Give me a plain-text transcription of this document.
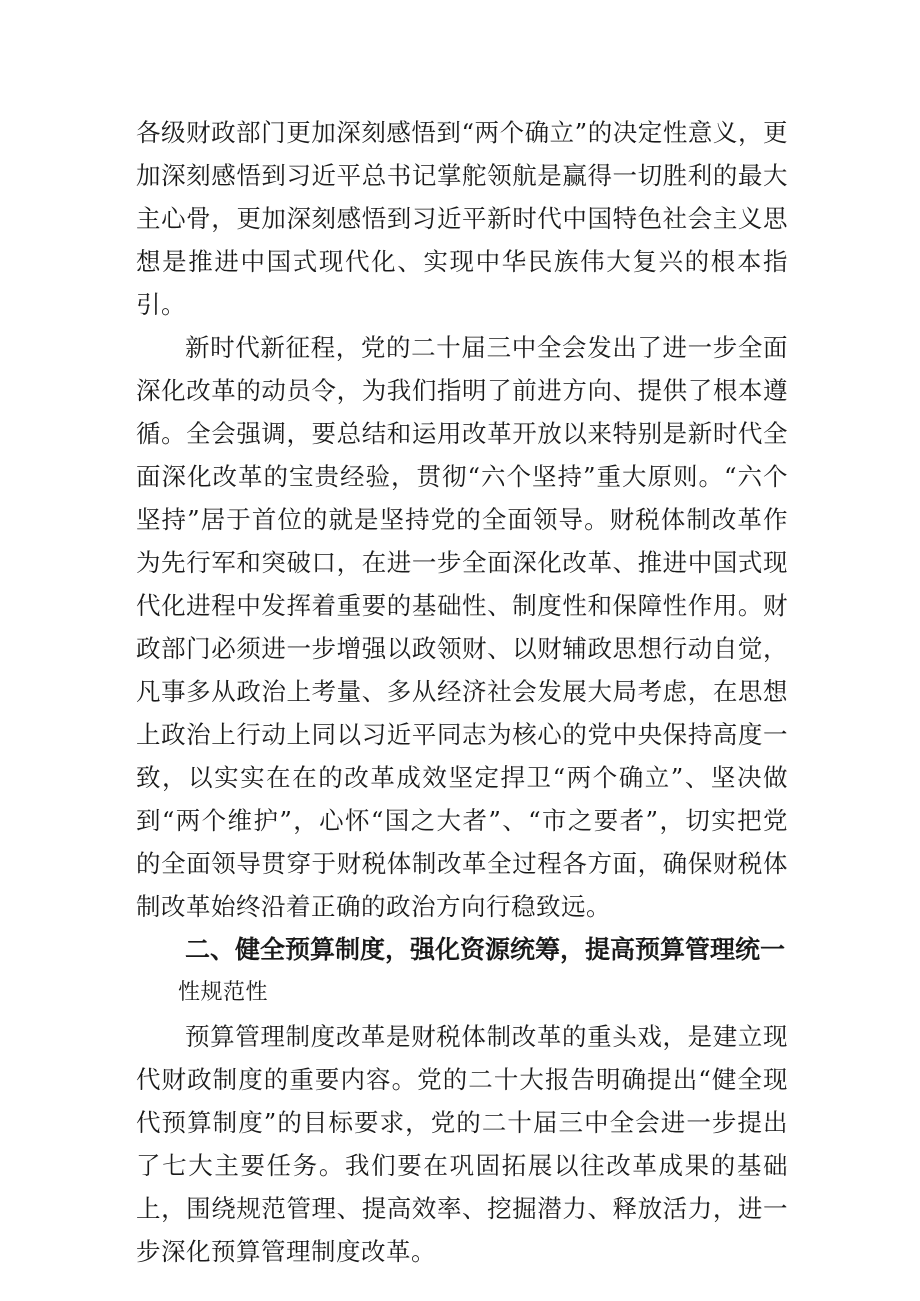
各级财政部门更加深刻感悟到“两个确立”的决定性意义，更加深刻感悟到习近平总书记掌舵领航是赢得一切胜利的最大主心骨，更加深刻感悟到习近平新时代中国特色社会主义思想是推进中国式现代化、实现中华民族伟大复兴的根本指引。

新时代新征程，党的二十届三中全会发出了进一步全面深化改革的动员令，为我们指明了前进方向、提供了根本遵循。全会强调，要总结和运用改革开放以来特别是新时代全面深化改革的宝贵经验，贯彻“六个坚持”重大原则。“六个坚持”居于首位的就是坚持党的全面领导。财税体制改革作为先行军和突破口，在进一步全面深化改革、推进中国式现代化进程中发挥着重要的基础性、制度性和保障性作用。财政部门必须进一步增强以政领财、以财辅政思想行动自觉，凡事多从政治上考量、多从经济社会发展大局考虑，在思想上政治上行动上同以习近平同志为核心的党中央保持高度一致，以实实在在的改革成效坚定捍卫“两个确立”、坚决做到“两个维护”，心怀“国之大者”、“市之要者”，切实把党的全面领导贯穿于财税体制改革全过程各方面，确保财税体制改革始终沿着正确的政治方向行稳致远。

二、健全预算制度，强化资源统筹，提高预算管理统一

性规范性

预算管理制度改革是财税体制改革的重头戏，是建立现代财政制度的重要内容。党的二十大报告明确提出“健全现代预算制度”的目标要求，党的二十届三中全会进一步提出了七大主要任务。我们要在巩固拓展以往改革成果的基础上，围绕规范管理、提高效率、挖掘潜力、释放活力，进一步深化预算管理制度改革。
